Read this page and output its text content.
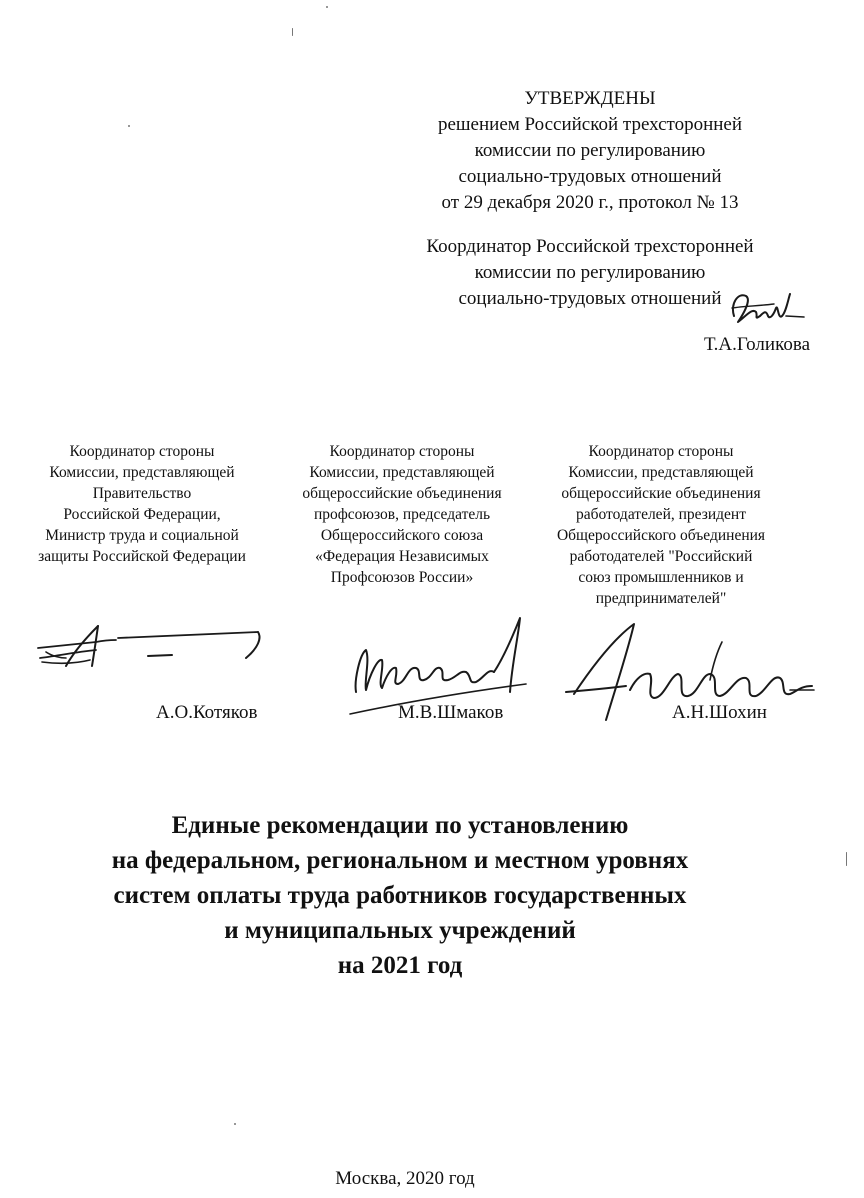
УТВЕРЖДЕНЫ
решением Российской трехсторонней
комиссии по регулированию
социально-трудовых отношений
от 29 декабря 2020 г., протокол № 13
Координатор Российской трехсторонней
комиссии по регулированию
социально-трудовых отношений
Т.А.Голикова
Координатор стороны
Комиссии, представляющей
Правительство
Российской Федерации,
Министр труда и социальной
защиты Российской Федерации
Координатор стороны
Комиссии, представляющей
общероссийские объединения
профсоюзов, председатель
Общероссийского союза
«Федерация Независимых
Профсоюзов России»
Координатор стороны
Комиссии, представляющей
общероссийские объединения
работодателей, президент
Общероссийского объединения
работодателей "Российский
союз промышленников и
предпринимателей"
А.О.Котяков	М.В.Шмаков	А.Н.Шохин
Единые рекомендации по установлению
на федеральном, региональном и местном уровнях
систем оплаты труда работников государственных
и муниципальных учреждений
на 2021 год
Москва, 2020 год
